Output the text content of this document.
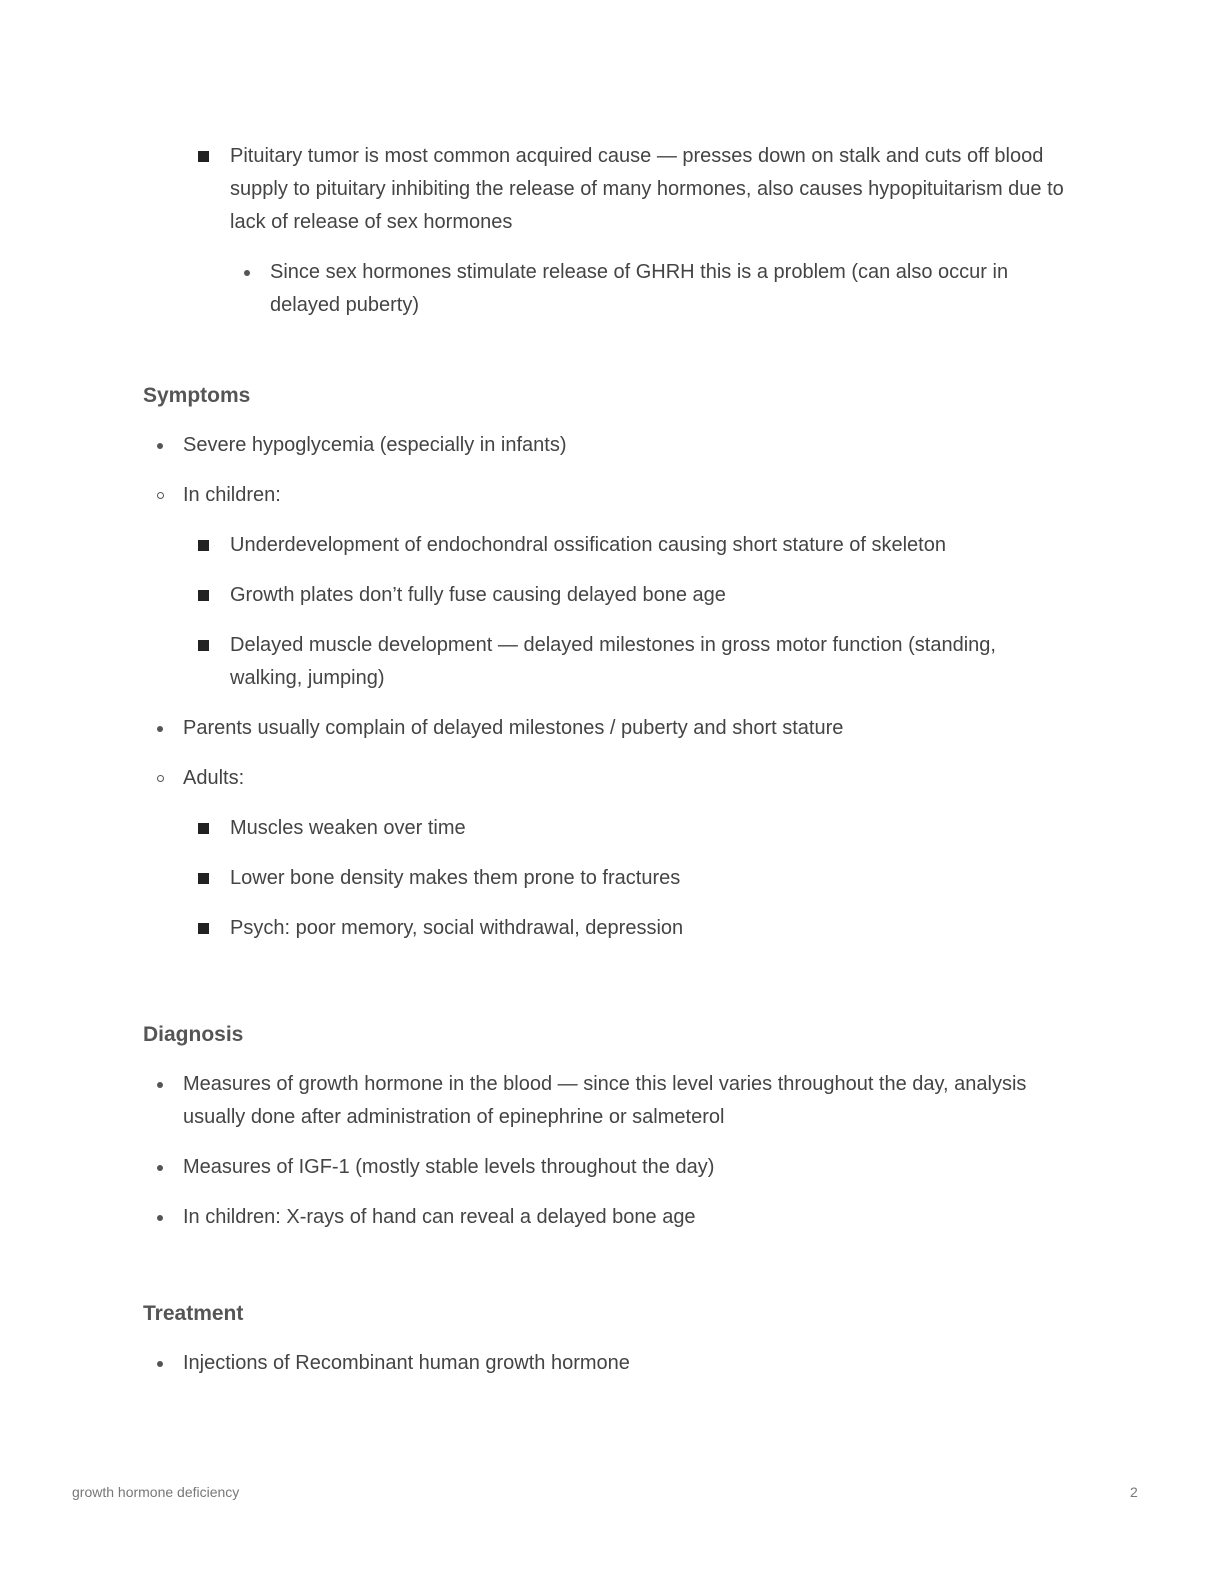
Pituitary tumor is most common acquired cause — presses down on stalk and cuts off blood supply to pituitary inhibiting the release of many hormones, also causes hypopituitarism due to lack of release of sex hormones
Since sex hormones stimulate release of GHRH this is a problem (can also occur in delayed puberty)
Symptoms
Severe hypoglycemia (especially in infants)
In children:
Underdevelopment of endochondral ossification causing short stature of skeleton
Growth plates don’t fully fuse causing delayed bone age
Delayed muscle development — delayed milestones in gross motor function (standing, walking, jumping)
Parents usually complain of delayed milestones / puberty and short stature
Adults:
Muscles weaken over time
Lower bone density makes them prone to fractures
Psych: poor memory, social withdrawal, depression
Diagnosis
Measures of growth hormone in the blood — since this level varies throughout the day, analysis usually done after administration of epinephrine or salmeterol
Measures of IGF-1 (mostly stable levels throughout the day)
In children: X-rays of hand can reveal a delayed bone age
Treatment
Injections of Recombinant human growth hormone
growth hormone deficiency	2
